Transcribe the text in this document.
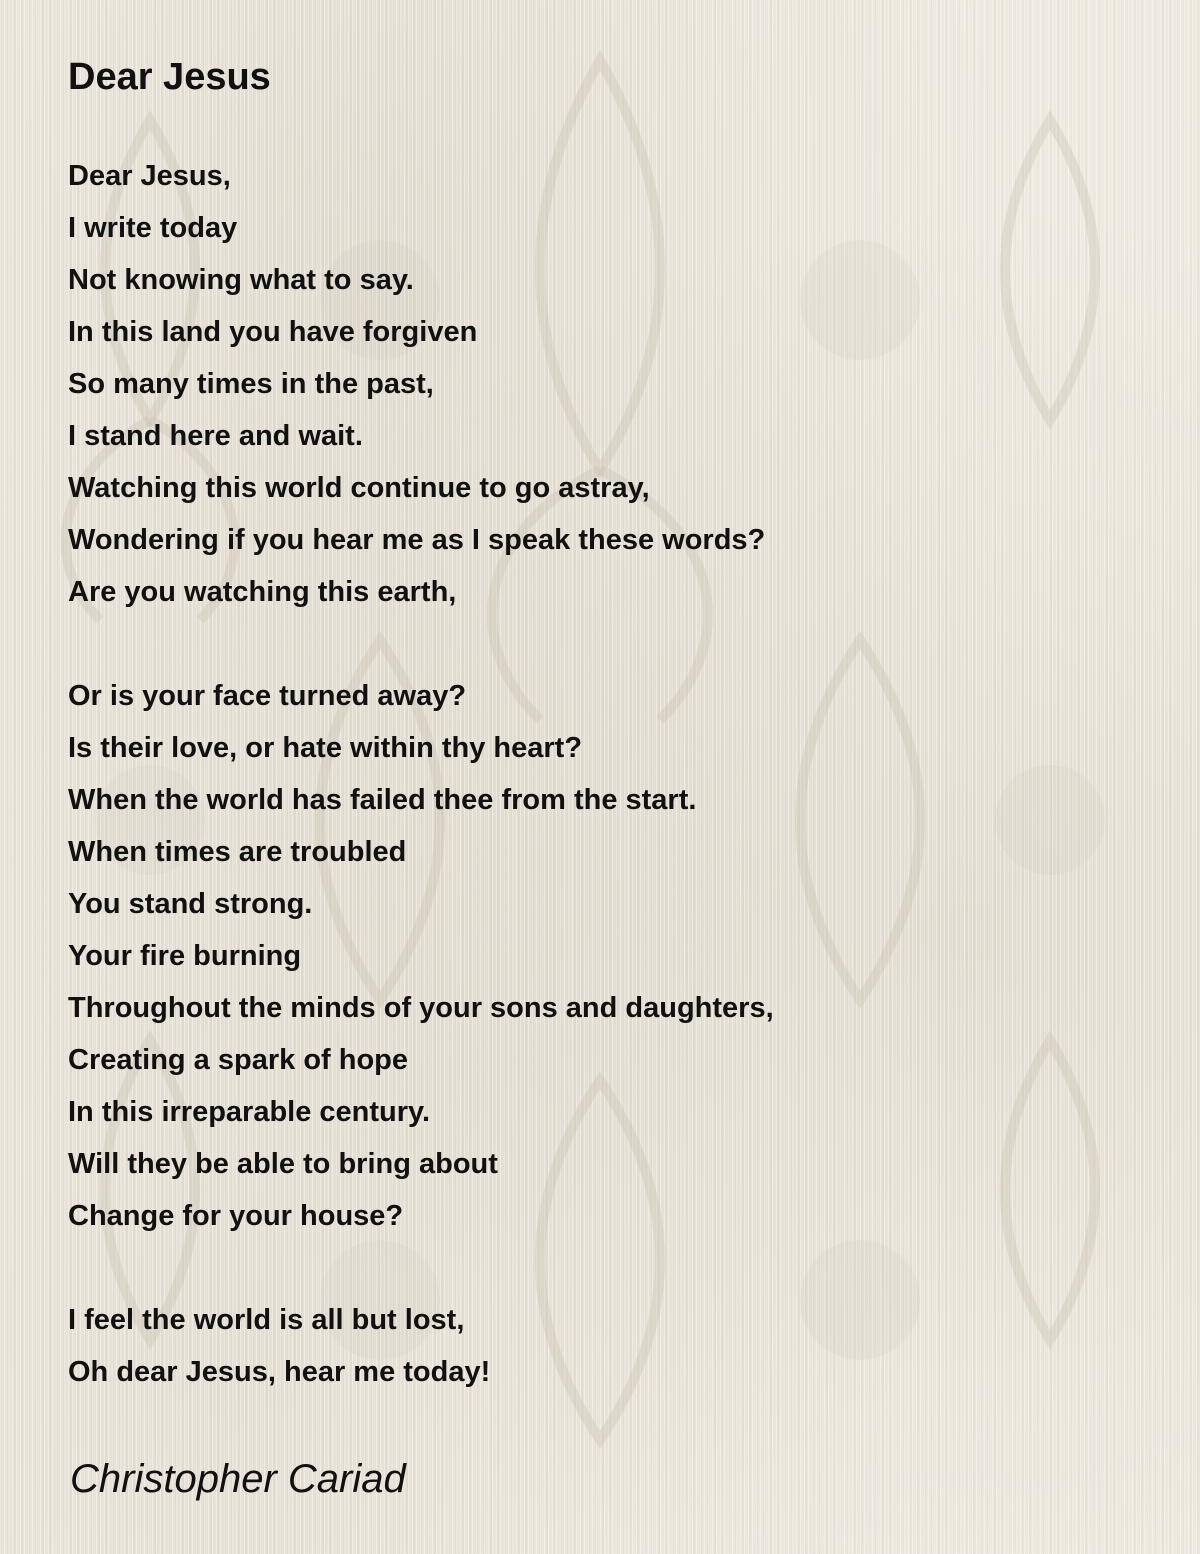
Dear Jesus
Dear Jesus,
I write today
Not knowing what to say.
In this land you have forgiven
So many times in the past,
I stand here and wait.
Watching this world continue to go astray,
Wondering if you hear me as I speak these words?
Are you watching this earth,
Or is your face turned away?
Is their love, or hate within thy heart?
When the world has failed thee from the start.
When times are troubled
You stand strong.
Your fire burning
Throughout the minds of your sons and daughters,
Creating a spark of hope
In this irreparable century.
Will they be able to bring about
Change for your house?
I feel the world is all but lost,
Oh dear Jesus, hear me today!
Christopher Cariad
